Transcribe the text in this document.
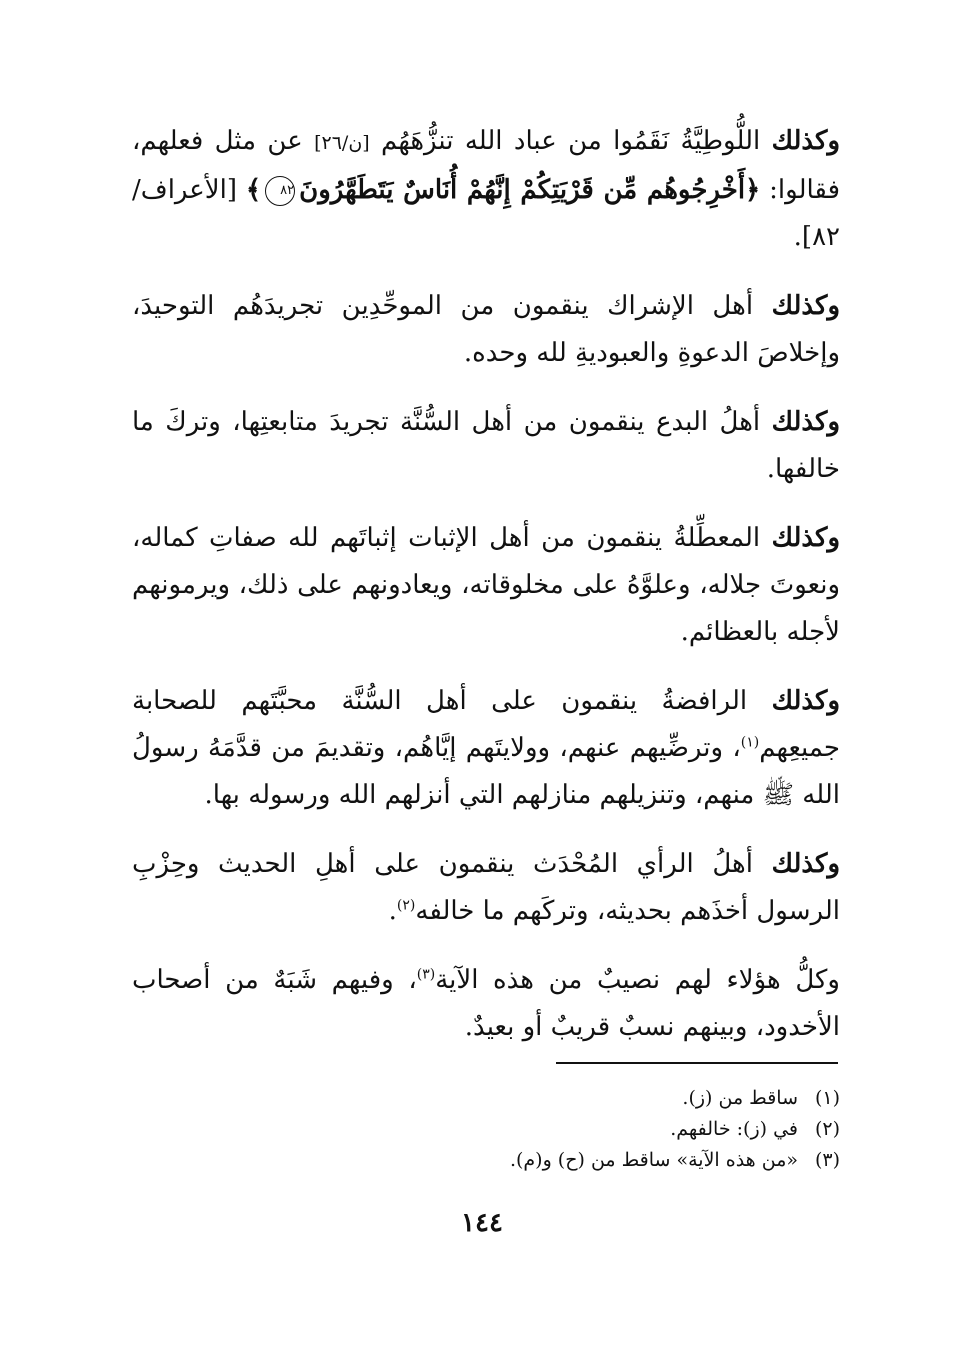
وكذلك اللُّوطِيَّةُ نَقَمُوا من عباد الله تنزُّهَهُم [ن/٢٦] عن مثل فعلهم، فقالوا: ﴿أَخْرِجُوهُم مِّن قَرْيَتِكُمْ إِنَّهُمْ أُنَاسٌ يَتَطَهَّرُونَ٨٢﴾ [الأعراف/ ٨٢].

وكذلك أهل الإشراك ينقمون من الموحِّدِين تجريدَهُم التوحيدَ، وإخلاصَ الدعوةِ والعبوديةِ لله وحده.

وكذلك أهلُ البدع ينقمون من أهل السُّنَّة تجريدَ متابعتِها، وتركَ ما خالفها.

وكذلك المعطِّلةُ ينقمون من أهل الإثبات إثباتَهم لله صفاتِ كماله، ونعوتَ جلاله، وعلوَّهُ على مخلوقاته، ويعادونهم على ذلك، ويرمونهم لأجله بالعظائم.

وكذلك الرافضةُ ينقمون على أهل السُّنَّة محبَّتَهم للصحابة جميعِهم$^{(١)}$، وترضِّيهم عنهم، وولايتَهم إيَّاهُم، وتقديمَ من قدَّمَهُ رسولُ الله ﷺ منهم، وتنزيلهم منازلهم التي أنزلهم الله ورسوله بها.

وكذلك أهلُ الرأي المُحْدَث ينقمون على أهلِ الحديث وحِزْبِ الرسول أخذَهم بحديثه، وتركَهم ما خالفه$^{(٢)}$.

وكلُّ هؤلاء لهم نصيبٌ من هذه الآية$^{(٣)}$، وفيهم شَبَهٌ من أصحاب الأخدود، وبينهم نسبٌ قريبٌ أو بعيدٌ.

(١)ساقط من (ز).

(٢)في (ز): خالفهم.

(٣)«من هذه الآية» ساقط من (ح) و(م).

١٤٤
